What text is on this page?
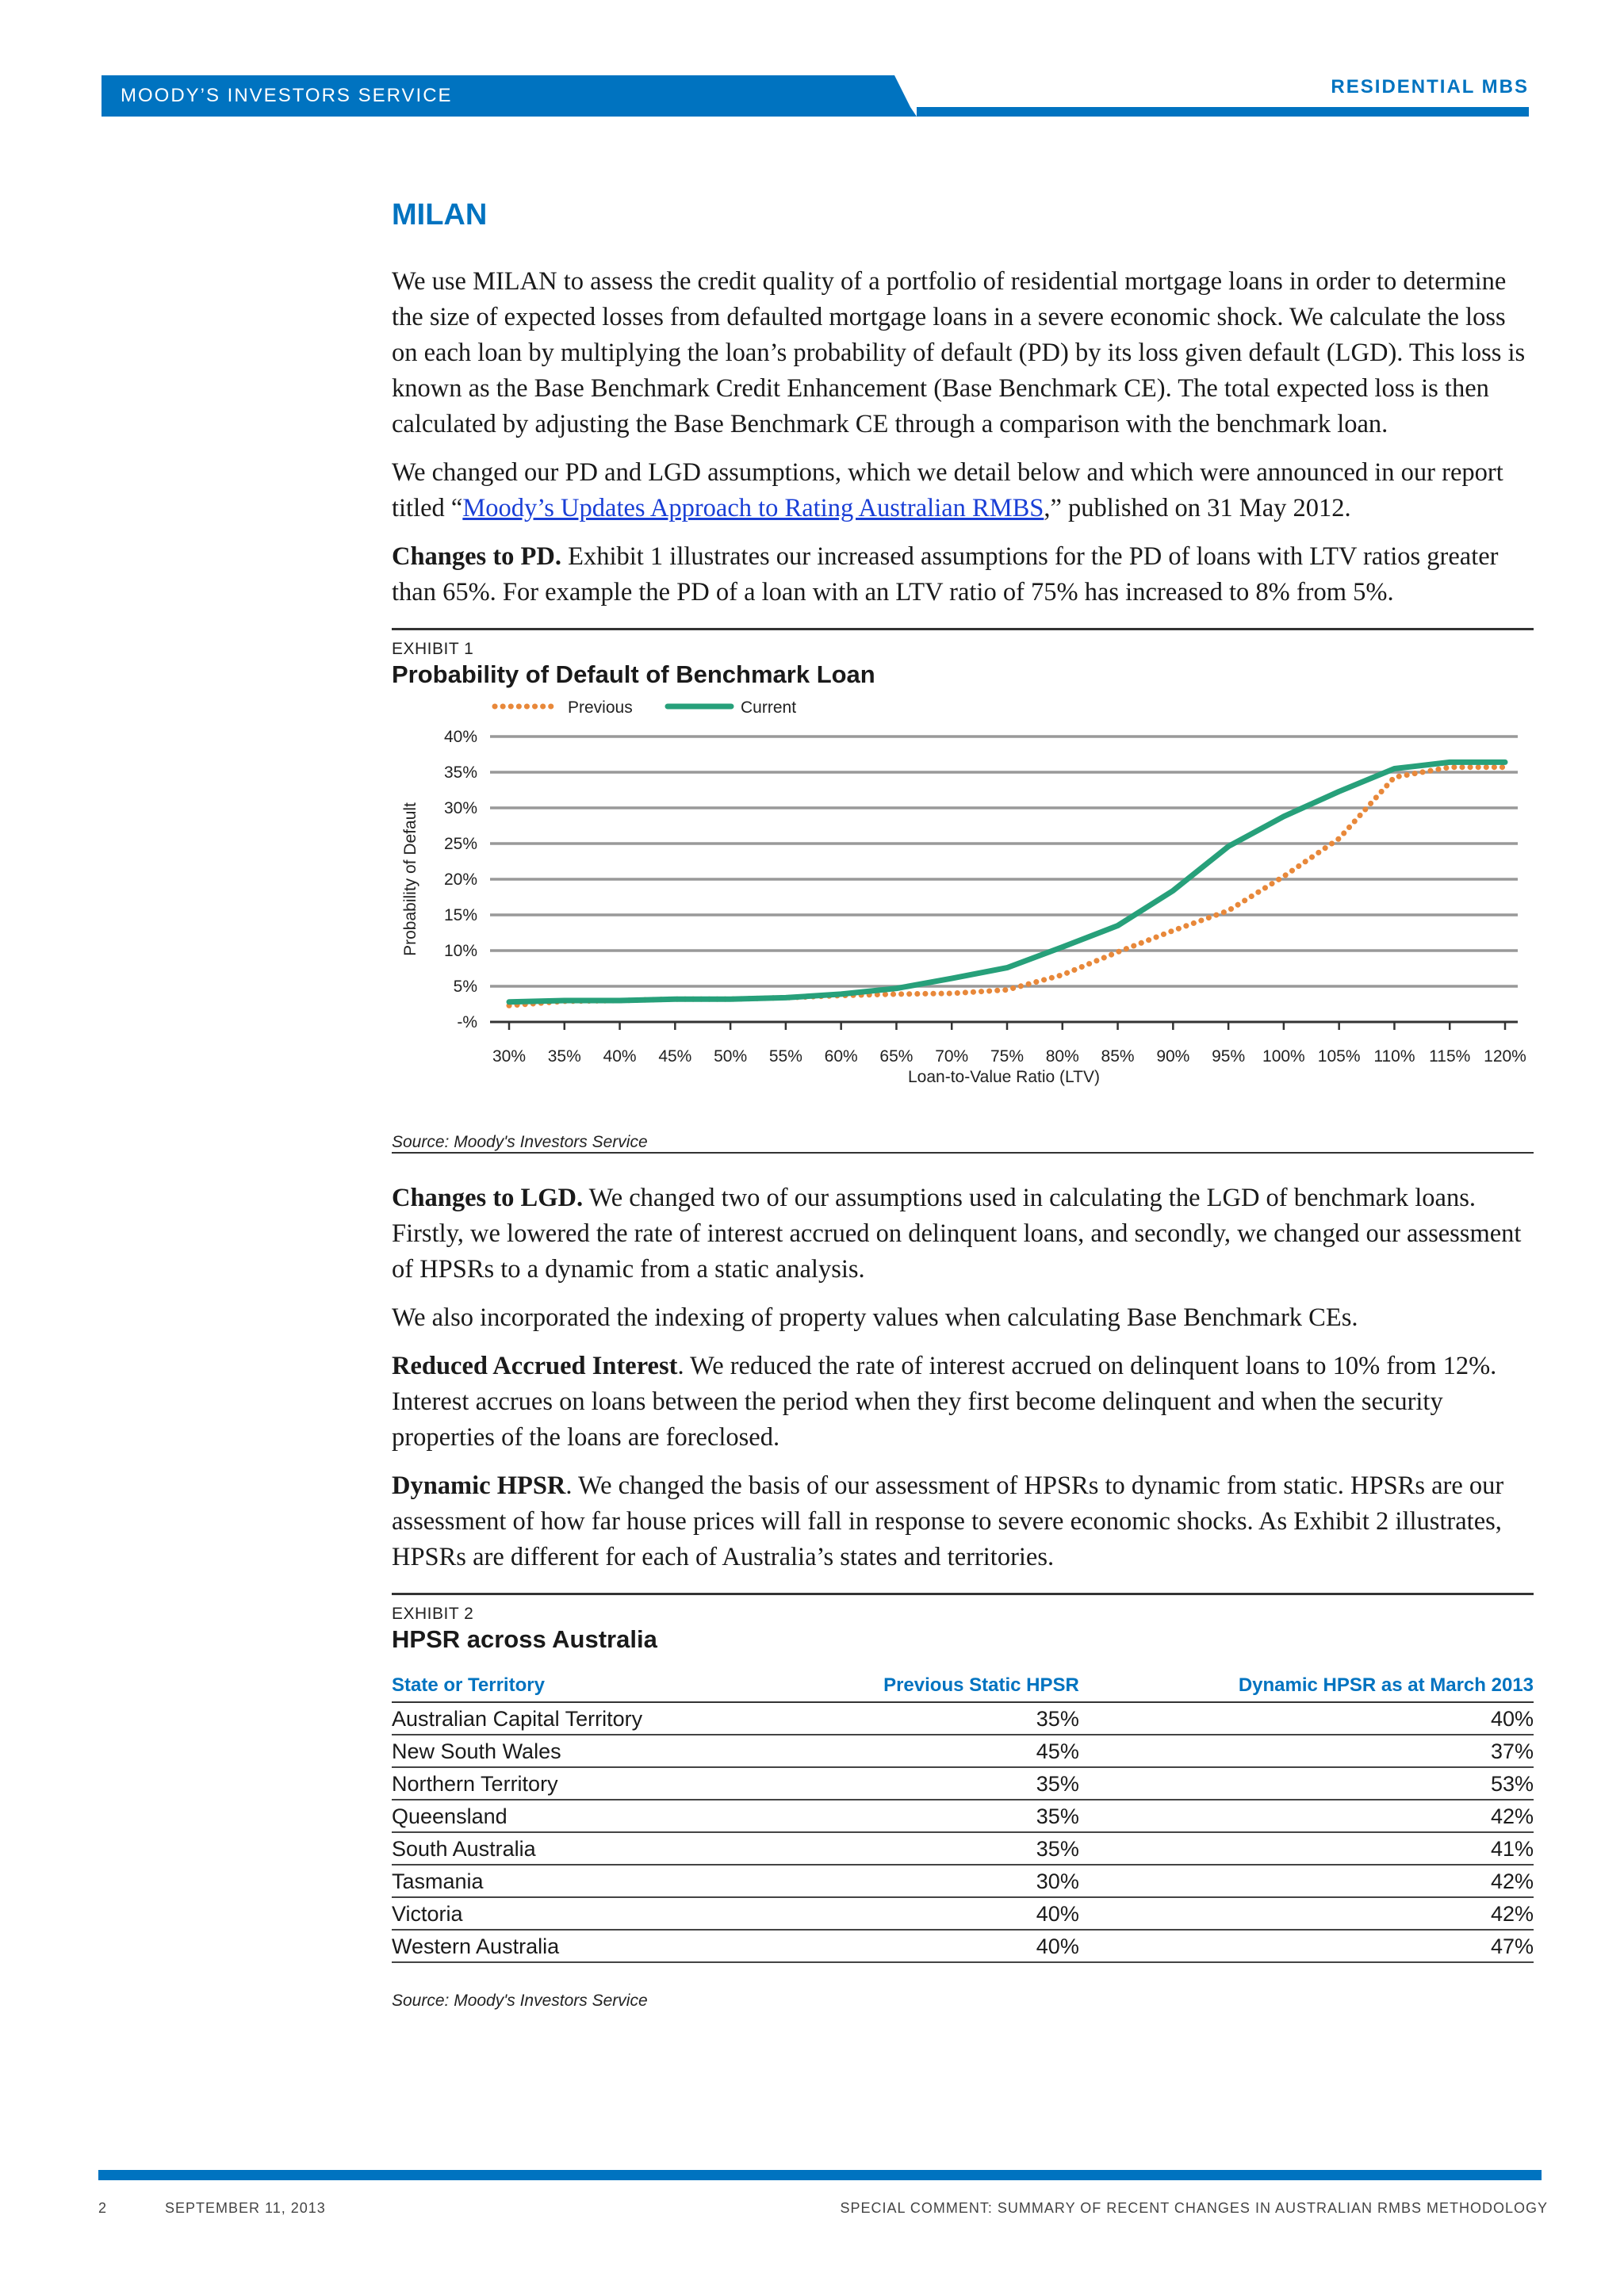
MOODY’S INVESTORS SERVICE	RESIDENTIAL MBS
MILAN

We use MILAN to assess the credit quality of a portfolio of residential mortgage loans in order to determine the size of expected losses from defaulted mortgage loans in a severe economic shock. We calculate the loss on each loan by multiplying the loan’s probability of default (PD) by its loss given default (LGD). This loss is known as the Base Benchmark Credit Enhancement (Base Benchmark CE). The total expected loss is then calculated by adjusting the Base Benchmark CE through a comparison with the benchmark loan.

We changed our PD and LGD assumptions, which we detail below and which were announced in our report titled “Moody’s Updates Approach to Rating Australian RMBS,” published on 31 May 2012.

Changes to PD. Exhibit 1 illustrates our increased assumptions for the PD of loans with LTV ratios greater than 65%. For example the PD of a loan with an LTV ratio of 75% has increased to 8% from 5%.

EXHIBIT 1

Probability of Default of Benchmark Loan

-%
5%
10%
15%
20%
25%
30%
35%
40%
30% 35% 40% 45% 50% 55% 60% 65% 70% 75% 80% 85% 90% 95% 100% 105% 110% 115% 120%
Loan-to-Value Ratio (LTV)
Probability of Default
Previous	Current
Source: Moody's Investors Service

Changes to LGD. We changed two of our assumptions used in calculating the LGD of benchmark loans. Firstly, we lowered the rate of interest accrued on delinquent loans, and secondly, we changed our assessment of HPSRs to a dynamic from a static analysis.

We also incorporated the indexing of property values when calculating Base Benchmark CEs.

Reduced Accrued Interest. We reduced the rate of interest accrued on delinquent loans to 10% from 12%. Interest accrues on loans between the period when they first become delinquent and when the security properties of the loans are foreclosed.

Dynamic HPSR. We changed the basis of our assessment of HPSRs to dynamic from static. HPSRs are our assessment of how far house prices will fall in response to severe economic shocks. As Exhibit 2 illustrates, HPSRs are different for each of Australia’s states and territories.

EXHIBIT 2

HPSR across Australia

State or Territory	Previous Static HPSR	Dynamic HPSR as at March 2013
Australian Capital Territory	35%	40%
New South Wales	45%	37%
Northern Territory	35%	53%
Queensland	35%	42%
South Australia	35%	41%
Tasmania	30%	42%
Victoria	40%	42%
Western Australia	40%	47%
Source: Moody's Investors Service
2	SEPTEMBER 11, 2013	SPECIAL COMMENT: SUMMARY OF RECENT CHANGES IN AUSTRALIAN RMBS METHODOLOGY
